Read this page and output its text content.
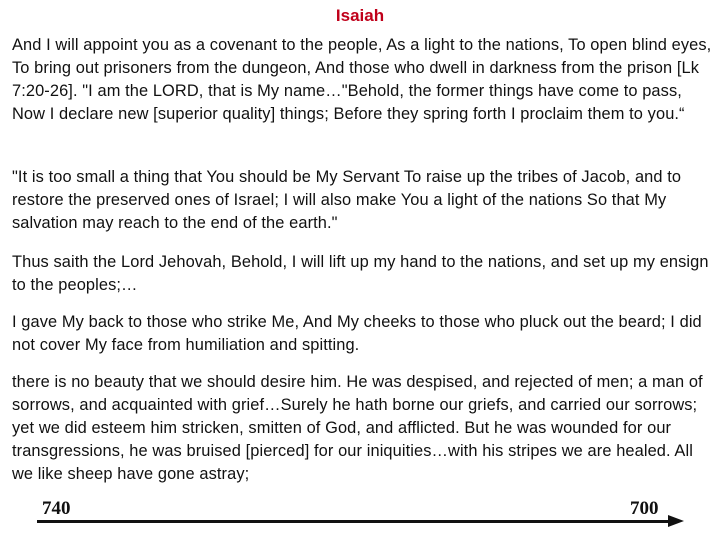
Isaiah

And I will appoint you as a covenant to the people, As a light to the nations, To open blind eyes, To bring out prisoners from the dungeon, And those who dwell in darkness from the prison [Lk 7:20-26]. "I am the LORD, that is My name…"Behold, the former things have come to pass, Now I declare new [superior quality] things; Before they spring forth I proclaim them to you.“

"It is too small a thing that You should be My Servant To raise up the tribes of Jacob, and to restore the preserved ones of Israel; I will also make You a light of the nations So that My salvation may reach to the end of the earth."

Thus saith the Lord Jehovah, Behold, I will lift up my hand to the nations, and set up my ensign to the peoples;…

I gave My back to those who strike Me, And My cheeks to those who pluck out the beard; I did not cover My face from humiliation and spitting.

there is no beauty that we should desire him. He was despised, and rejected of men; a man of sorrows, and acquainted with grief…Surely he hath borne our griefs, and carried our sorrows; yet we did esteem him stricken, smitten of God, and afflicted. But he was wounded for our transgressions, he was bruised [pierced] for our iniquities…with his stripes we are healed. All we like sheep have gone astray;

740	700
